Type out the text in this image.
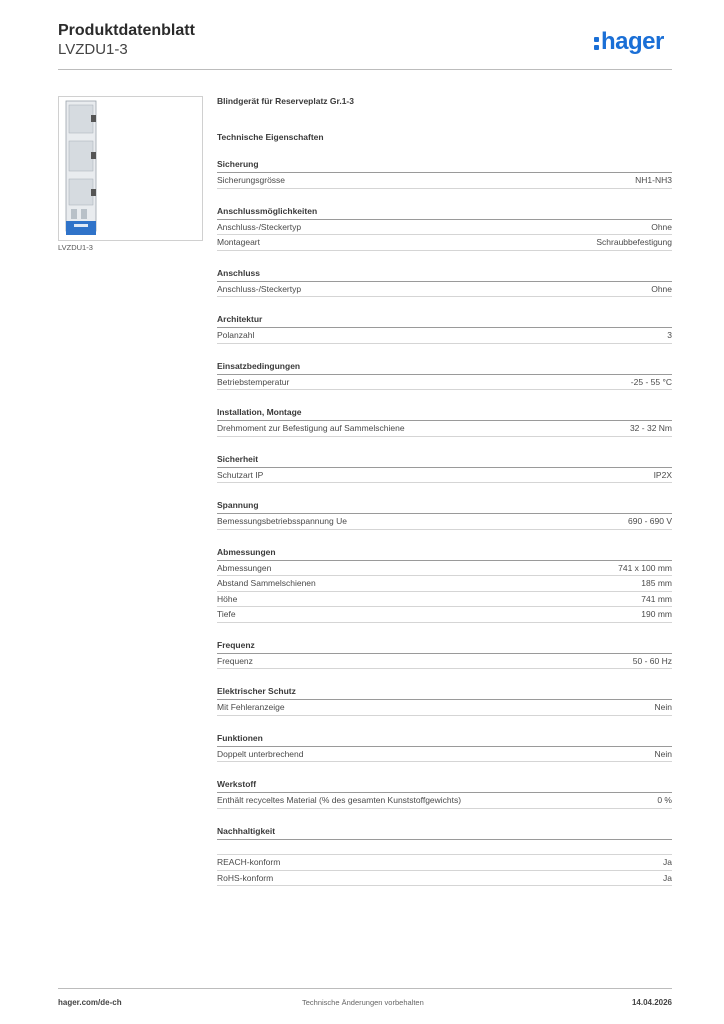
Produktdatenblatt
LVZDU1-3	hager
LVZDU1-3
Blindgerät für Reserveplatz Gr.1-3
Technische Eigenschaften
Sicherung
Sicherungsgrösse	NH1-NH3
Anschlussmöglichkeiten
Anschluss-/Steckertyp	Ohne
Montageart	Schraubbefestigung
Anschluss
Anschluss-/Steckertyp	Ohne
Architektur
Polanzahl	3
Einsatzbedingungen
Betriebstemperatur	-25 - 55 °C
Installation, Montage
Drehmoment zur Befestigung auf Sammelschiene	32 - 32 Nm
Sicherheit
Schutzart IP	IP2X
Spannung
Bemessungsbetriebsspannung Ue	690 - 690 V
Abmessungen
Abmessungen	741 x 100 mm
Abstand Sammelschienen	185 mm
Höhe	741 mm
Tiefe	190 mm
Frequenz
Frequenz	50 - 60 Hz
Elektrischer Schutz
Mit Fehleranzeige	Nein
Funktionen
Doppelt unterbrechend	Nein
Werkstoff
Enthält recyceltes Material (% des gesamten Kunststoffgewichts)	0 %
Nachhaltigkeit
REACH-konform	Ja
RoHS-konform	Ja
hager.com/de-ch	Technische Änderungen vorbehalten	14.04.2026
